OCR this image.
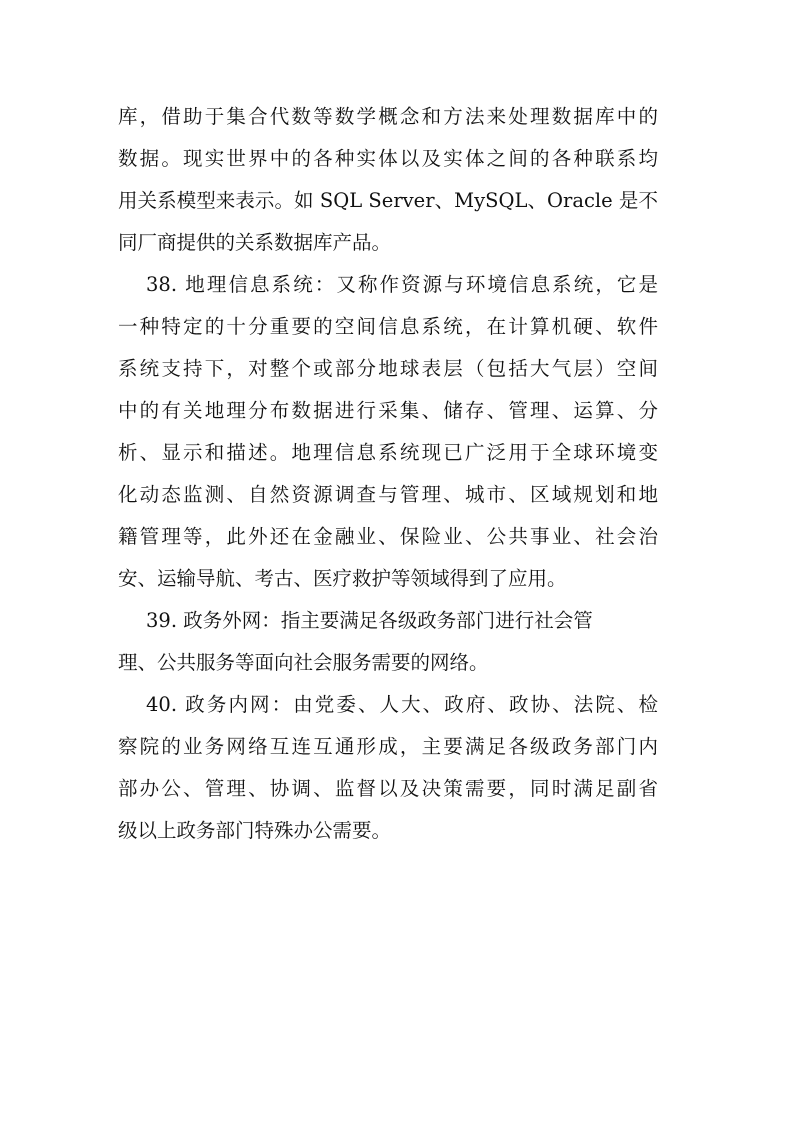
库，借助于集合代数等数学概念和方法来处理数据库中的
数据。现实世界中的各种实体以及实体之间的各种联系均
用关系模型来表示。如 SQL Server、MySQL、Oracle 是不
同厂商提供的关系数据库产品。
38. 地理信息系统：又称作资源与环境信息系统，它是
一种特定的十分重要的空间信息系统，在计算机硬、软件
系统支持下，对整个或部分地球表层（包括大气层）空间
中的有关地理分布数据进行采集、储存、管理、运算、分
析、显示和描述。地理信息系统现已广泛用于全球环境变
化动态监测、自然资源调查与管理、城市、区域规划和地
籍管理等，此外还在金融业、保险业、公共事业、社会治
安、运输导航、考古、医疗救护等领域得到了应用。
39. 政务外网：指主要满足各级政务部门进行社会管
理、公共服务等面向社会服务需要的网络。
40. 政务内网：由党委、人大、政府、政协、法院、检
察院的业务网络互连互通形成，主要满足各级政务部门内
部办公、管理、协调、监督以及决策需要，同时满足副省
级以上政务部门特殊办公需要。
